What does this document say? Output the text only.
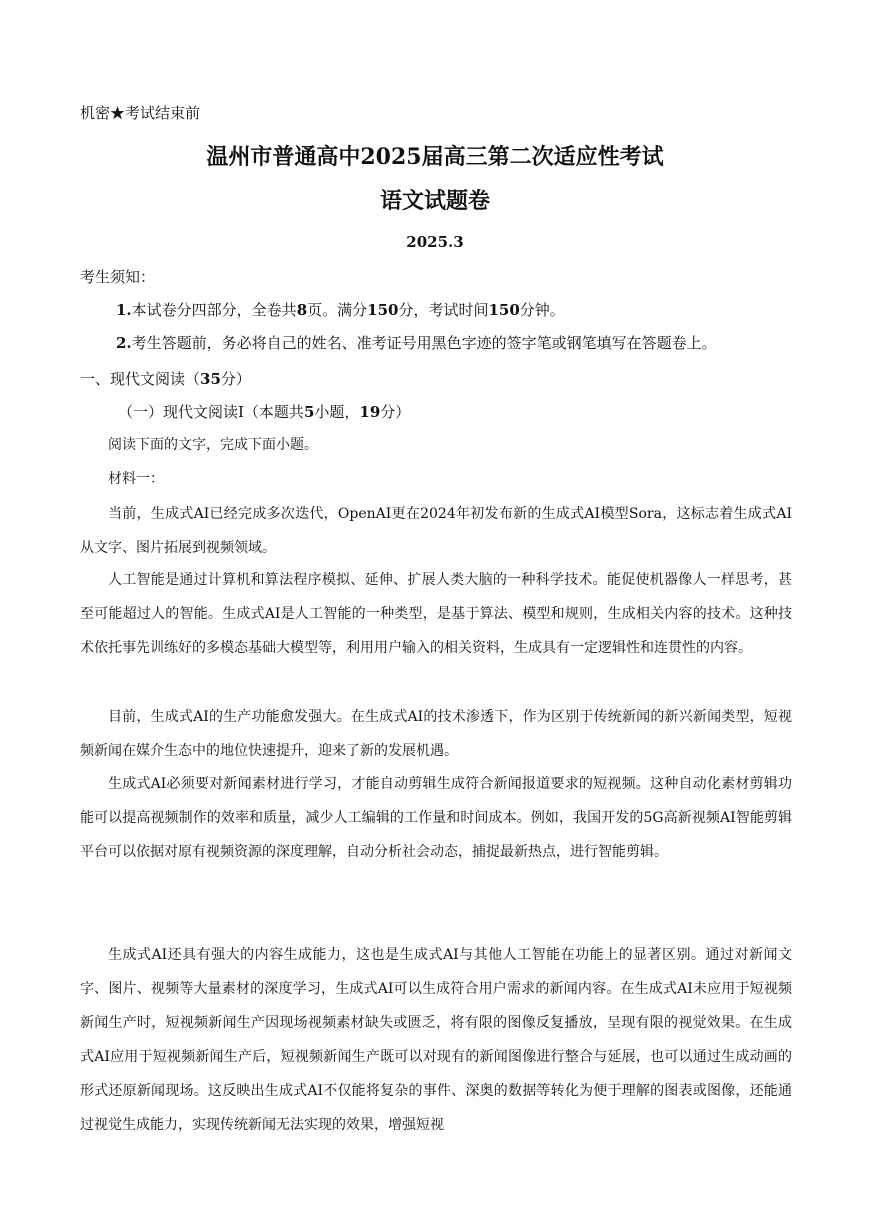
机密★考试结束前
温州市普通高中2025届高三第二次适应性考试
语文试题卷
2025.3
考生须知：
1.本试卷分四部分，全卷共8页。满分150分，考试时间150分钟。
2.考生答题前，务必将自己的姓名、准考证号用黑色字迹的签字笔或钢笔填写在答题卷上。
一、现代文阅读（35分）
（一）现代文阅读Ⅰ（本题共5小题，19分）
阅读下面的文字，完成下面小题。
材料一：
当前，生成式AI已经完成多次迭代，OpenAI更在2024年初发布新的生成式AI模型Sora，这标志着生成式AI从文字、图片拓展到视频领域。
人工智能是通过计算机和算法程序模拟、延伸、扩展人类大脑的一种科学技术。能促使机器像人一样思考，甚至可能超过人的智能。生成式AI是人工智能的一种类型，是基于算法、模型和规则，生成相关内容的技术。这种技术依托事先训练好的多模态基础大模型等，利用用户输入的相关资料，生成具有一定逻辑性和连贯性的内容。
目前，生成式AI的生产功能愈发强大。在生成式AI的技术渗透下，作为区别于传统新闻的新兴新闻类型，短视频新闻在媒介生态中的地位快速提升，迎来了新的发展机遇。
生成式AI必须要对新闻素材进行学习，才能自动剪辑生成符合新闻报道要求的短视频。这种自动化素材剪辑功能可以提高视频制作的效率和质量，减少人工编辑的工作量和时间成本。例如，我国开发的5G高新视频AI智能剪辑平台可以依据对原有视频资源的深度理解，自动分析社会动态，捕捉最新热点，进行智能剪辑。
生成式AI还具有强大的内容生成能力，这也是生成式AI与其他人工智能在功能上的显著区别。通过对新闻文字、图片、视频等大量素材的深度学习，生成式AI可以生成符合用户需求的新闻内容。在生成式AI未应用于短视频新闻生产时，短视频新闻生产因现场视频素材缺失或匮乏，将有限的图像反复播放，呈现有限的视觉效果。在生成式AI应用于短视频新闻生产后，短视频新闻生产既可以对现有的新闻图像进行整合与延展，也可以通过生成动画的形式还原新闻现场。这反映出生成式AI不仅能将复杂的事件、深奥的数据等转化为便于理解的图表或图像，还能通过视觉生成能力，实现传统新闻无法实现的效果，增强短视
